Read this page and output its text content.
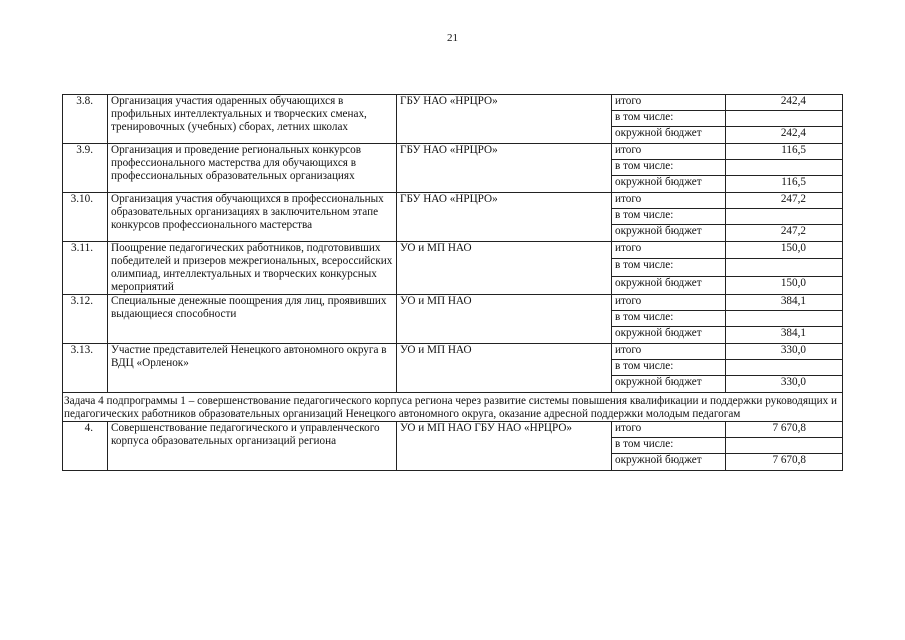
21
3.8.	Организация участия одаренных обучающихся в профильных интеллектуальных и творческих сменах, тренировочных (учебных) сборах, летних школах	ГБУ НАО «НРЦРО»	итого	242,4
			в том числе:	
			окружной бюджет	242,4
3.9.	Организация и проведение региональных конкурсов профессионального мастерства для обучающихся в профессиональных образовательных организациях	ГБУ НАО «НРЦРО»	итого	116,5
			в том числе:	
			окружной бюджет	116,5
3.10.	Организация участия обучающихся в профессиональных образовательных организациях в заключительном этапе конкурсов профессионального мастерства	ГБУ НАО «НРЦРО»	итого	247,2
			в том числе:	
			окружной бюджет	247,2
3.11.	Поощрение педагогических работников, подготовивших победителей и призеров межрегиональных, всероссийских олимпиад, интеллектуальных и творческих конкурсных мероприятий	УО и МП НАО	итого	150,0
			в том числе:	
			окружной бюджет	150,0
3.12.	Специальные денежные поощрения для лиц, проявивших выдающиеся способности	УО и МП НАО	итого	384,1
			в том числе:	
			окружной бюджет	384,1
3.13.	Участие представителей Ненецкого автономного округа в ВДЦ «Орленок»	УО и МП НАО	итого	330,0
			в том числе:	
			окружной бюджет	330,0
Задача 4 подпрограммы 1 – совершенствование педагогического корпуса региона через развитие системы повышения квалификации и поддержки руководящих и педагогических работников образовательных организаций Ненецкого автономного округа, оказание адресной поддержки молодым педагогам				
4.	Совершенствование педагогического и управленческого корпуса образовательных организаций региона	УО и МП НАО ГБУ НАО «НРЦРО»	итого	7 670,8
			в том числе:	
			окружной бюджет	7 670,8
